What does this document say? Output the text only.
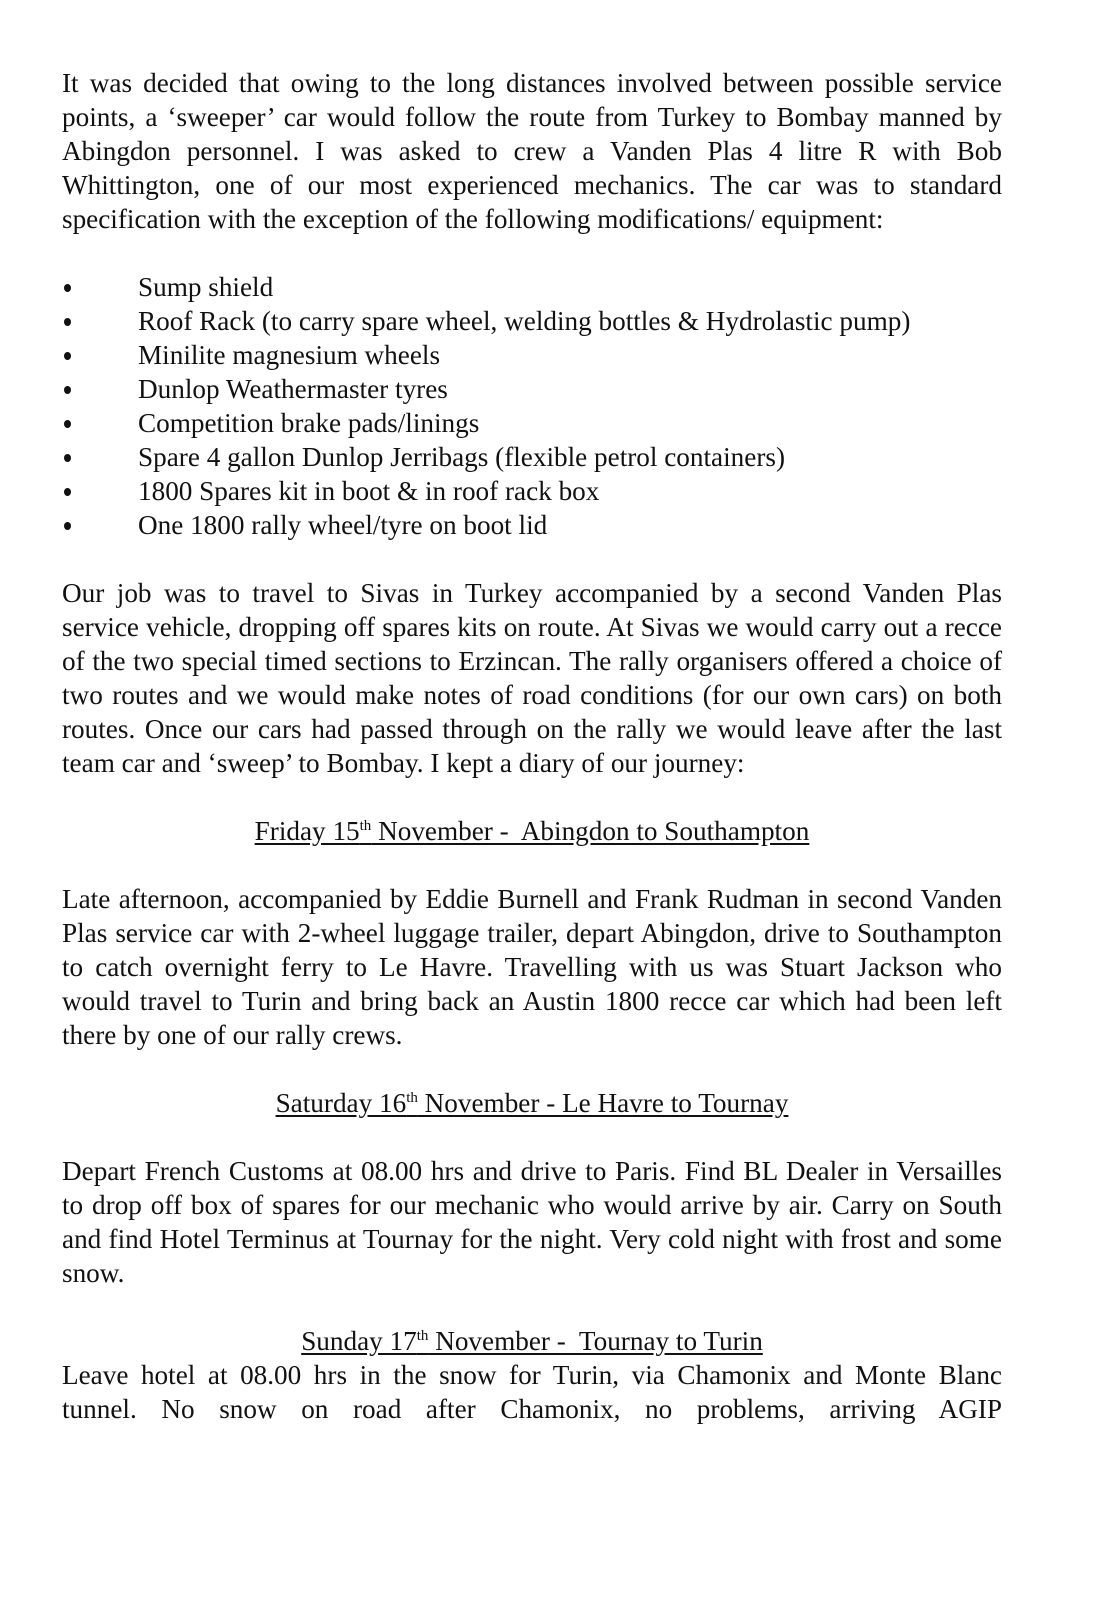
It was decided that owing to the long distances involved between possible service points, a ‘sweeper’ car would follow the route from Turkey to Bombay manned by Abingdon personnel. I was asked to crew a Vanden Plas 4 litre R with Bob Whittington, one of our most experienced mechanics. The car was to standard specification with the exception of the following modifications/ equipment:

Sump shield
Roof Rack (to carry spare wheel, welding bottles & Hydrolastic pump)
Minilite magnesium wheels
Dunlop Weathermaster tyres
Competition brake pads/linings
Spare 4 gallon Dunlop Jerribags (flexible petrol containers)
1800 Spares kit in boot & in roof rack box
One 1800 rally wheel/tyre on boot lid

Our job was to travel to Sivas in Turkey accompanied by a second Vanden Plas service vehicle, dropping off spares kits on route. At Sivas we would carry out a recce of the two special timed sections to Erzincan. The rally organisers offered a choice of two routes and we would make notes of road conditions (for our own cars) on both routes. Once our cars had passed through on the rally we would leave after the last team car and ‘sweep’ to Bombay. I kept a diary of our journey:

Friday 15th November -  Abingdon to Southampton

Late afternoon, accompanied by Eddie Burnell and Frank Rudman in second Vanden Plas service car with 2-wheel luggage trailer, depart Abingdon, drive to Southampton to catch overnight ferry to Le Havre. Travelling with us was Stuart Jackson who would travel to Turin and bring back an Austin 1800 recce car which had been left there by one of our rally crews.

Saturday 16th November - Le Havre to Tournay

Depart French Customs at 08.00 hrs and drive to Paris. Find BL Dealer in Versailles to drop off box of spares for our mechanic who would arrive by air. Carry on South and find Hotel Terminus at Tournay for the night. Very cold night with frost and some snow.

Sunday 17th November -  Tournay to Turin

Leave hotel at 08.00 hrs in the snow for Turin, via Chamonix and Monte Blanc tunnel. No snow on road after Chamonix, no problems, arriving AGIP
